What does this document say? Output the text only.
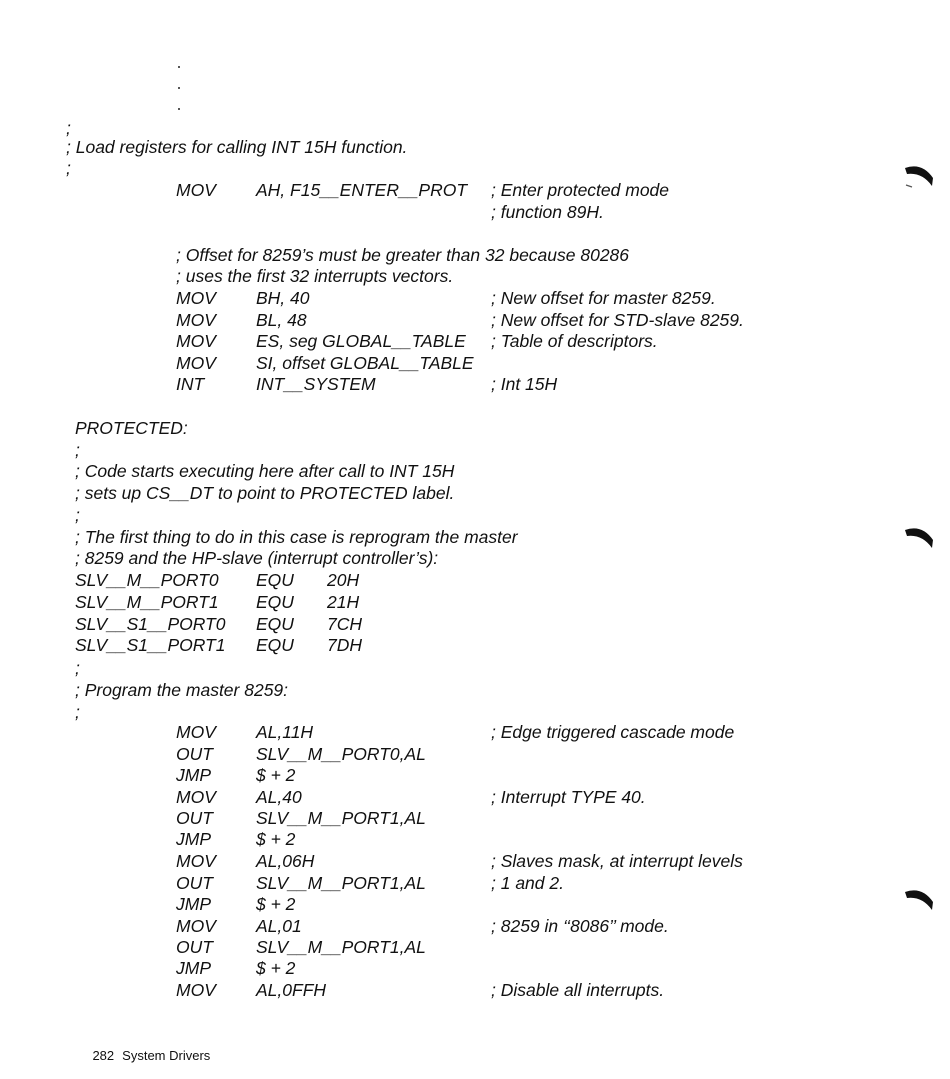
;
; Load registers for calling INT 15H function.
;
MOV AH, F15__ENTER__PROT ; Enter protected mode
; function 89H.
; Offset for 8259’s must be greater than 32 because 80286
; uses the first 32 interrupts vectors.
MOV BH, 40	; New offset for master 8259.
MOV BL, 48	; New offset for STD-slave 8259.
MOV ES, seg GLOBAL__TABLE ; Table of descriptors.
MOV SI, offset GLOBAL__TABLE
INT	INT__SYSTEM	; Int 15H
PROTECTED:
;
; Code starts executing here after call to INT 15H
; sets up CS__DT to point to PROTECTED label.
;
; The first thing to do in this case is reprogram the master
; 8259 and the HP-slave (interrupt controller’s):
SLV__M__PORT0 EQU 20H
SLV__M__PORT1 EQU 21H
SLV__S1__PORT0 EQU 7CH
SLV__S1__PORT1 EQU 7DH
;
; Program the master 8259:
;
MOV AL,11H	; Edge triggered cascade mode
OUT SLV__M__PORT0,AL
JMP	$ + 2
MOV AL,40	; Interrupt TYPE 40.
OUT SLV__M__PORT1,AL
JMP	$ + 2
MOV AL,06H	; Slaves mask, at interrupt levels
OUT SLV__M__PORT1,AL	; 1 and 2.
JMP	$ + 2
MOV AL,01	; 8259 in ‘‘8086’’ mode.
OUT SLV__M__PORT1,AL
JMP	$ + 2
MOV AL,0FFH	; Disable all interrupts.

282 System Drivers
